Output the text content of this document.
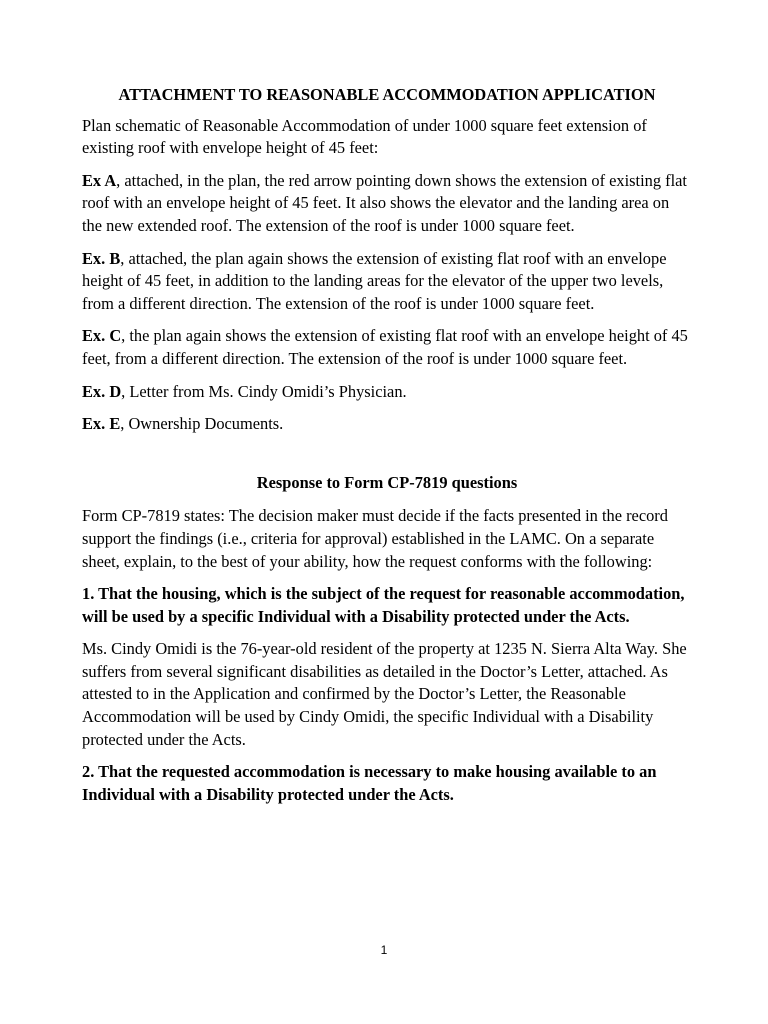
ATTACHMENT TO REASONABLE ACCOMMODATION APPLICATION

Plan schematic of Reasonable Accommodation of under 1000 square feet extension of existing roof with envelope height of 45 feet:

Ex A, attached, in the plan, the red arrow pointing down shows the extension of existing flat roof with an envelope height of 45 feet. It also shows the elevator and the landing area on the new extended roof. The extension of the roof is under 1000 square feet.

Ex. B, attached, the plan again shows the extension of existing flat roof with an envelope height of 45 feet, in addition to the landing areas for the elevator of the upper two levels, from a different direction. The extension of the roof is under 1000 square feet.

Ex. C, the plan again shows the extension of existing flat roof with an envelope height of 45 feet, from a different direction. The extension of the roof is under 1000 square feet.

Ex. D, Letter from Ms. Cindy Omidi’s Physician.

Ex. E, Ownership Documents.

Response to Form CP-7819 questions

Form CP-7819 states: The decision maker must decide if the facts presented in the record support the findings (i.e., criteria for approval) established in the LAMC. On a separate sheet, explain, to the best of your ability, how the request conforms with the following:

1. That the housing, which is the subject of the request for reasonable accommodation, will be used by a specific Individual with a Disability protected under the Acts.

Ms. Cindy Omidi is the 76-year-old resident of the property at 1235 N. Sierra Alta Way. She suffers from several significant disabilities as detailed in the Doctor’s Letter, attached. As attested to in the Application and confirmed by the Doctor’s Letter, the Reasonable Accommodation will be used by Cindy Omidi, the specific Individual with a Disability protected under the Acts.

2. That the requested accommodation is necessary to make housing available to an Individual with a Disability protected under the Acts.

1
